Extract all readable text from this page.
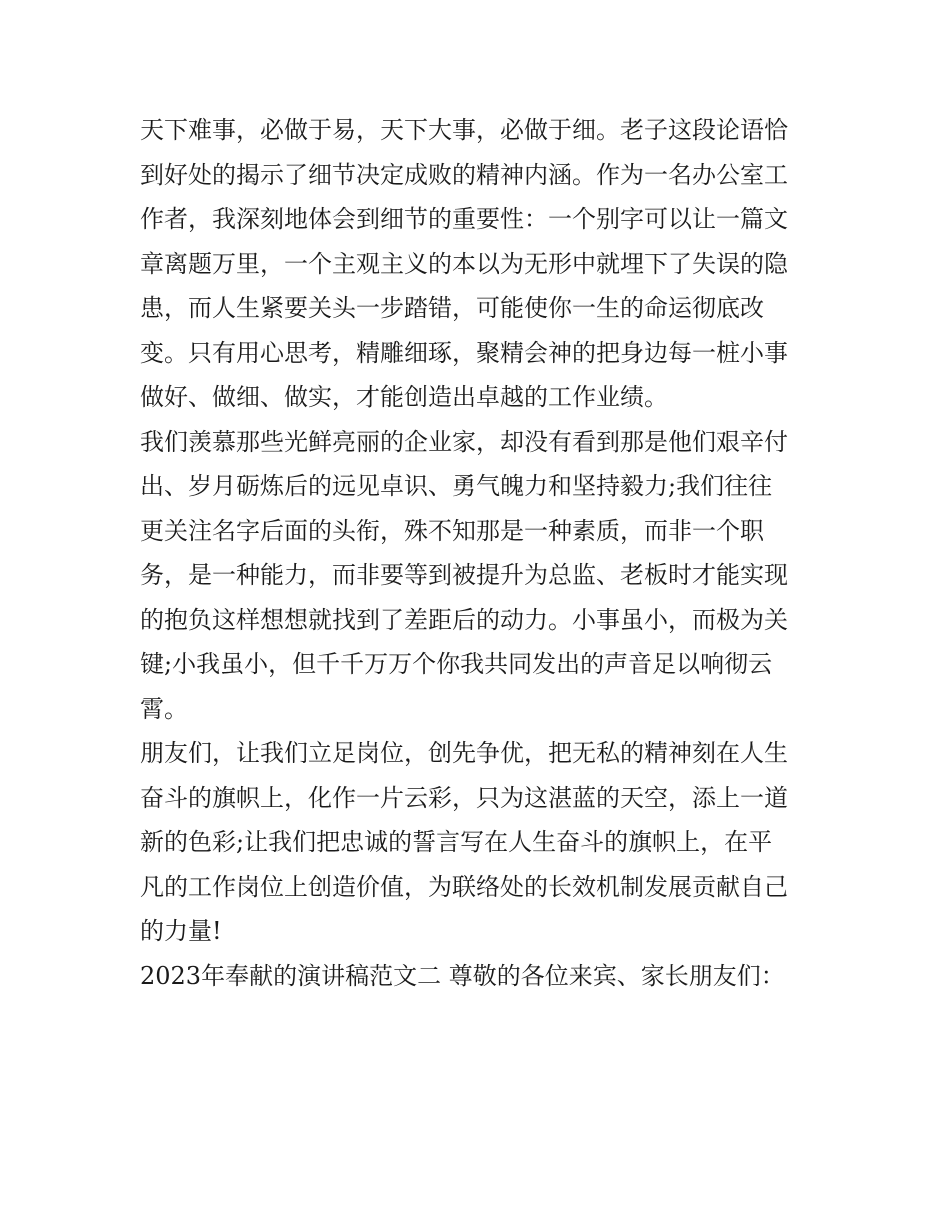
天下难事，必做于易，天下大事，必做于细。老子这段论语恰
到好处的揭示了细节决定成败的精神内涵。作为一名办公室工
作者，我深刻地体会到细节的重要性：一个别字可以让一篇文
章离题万里，一个主观主义的本以为无形中就埋下了失误的隐
患，而人生紧要关头一步踏错，可能使你一生的命运彻底改
变。只有用心思考，精雕细琢，聚精会神的把身边每一桩小事
做好、做细、做实，才能创造出卓越的工作业绩。
我们羡慕那些光鲜亮丽的企业家，却没有看到那是他们艰辛付
出、岁月砺炼后的远见卓识、勇气魄力和坚持毅力;我们往往
更关注名字后面的头衔，殊不知那是一种素质，而非一个职
务，是一种能力，而非要等到被提升为总监、老板时才能实现
的抱负这样想想就找到了差距后的动力。小事虽小，而极为关
键;小我虽小，但千千万万个你我共同发出的声音足以响彻云
霄。
朋友们，让我们立足岗位，创先争优，把无私的精神刻在人生
奋斗的旗帜上，化作一片云彩，只为这湛蓝的天空，添上一道
新的色彩;让我们把忠诚的誓言写在人生奋斗的旗帜上，在平
凡的工作岗位上创造价值，为联络处的长效机制发展贡献自己
的力量!
2023年奉献的演讲稿范文二 尊敬的各位来宾、家长朋友们：
